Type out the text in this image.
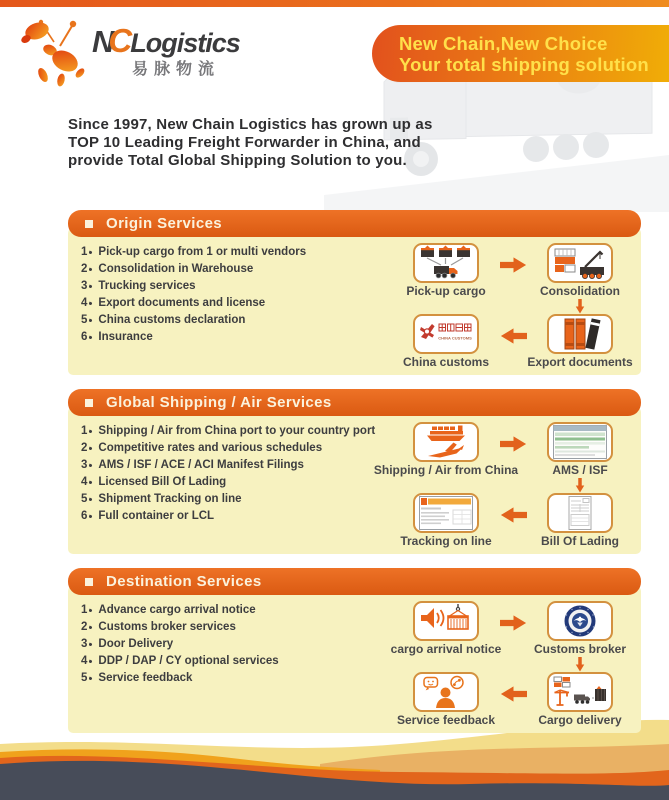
NCLogistics
易脉物流
New Chain,New Choice
Your total shipping solution
Since 1997, New Chain Logistics has grown up as
TOP 10 Leading Freight Forwarder in China, and
provide Total Global Shipping Solution to you.
Origin Services
1 Pick-up cargo from 1 or multi vendors
2 Consolidation in Warehouse
3 Trucking services
4 Export documents and license
5 China customs declaration
6 Insurance
Pick-up cargo	Consolidation
CHINA CUSTOMS
China customs	Export documents
Global Shipping / Air Services
1 Shipping / Air from China port to your country port
2 Competitive rates and various schedules
3 AMS / ISF / ACE / ACI Manifest Filings
4 Licensed Bill Of Lading
5 Shipment Tracking on line
6 Full container or LCL
Shipping / Air from China	AMS / ISF
Tracking on line	Bill Of Lading
Destination Services
1 Advance cargo arrival notice
2 Customs broker services
3 Door Delivery
4 DDP / DAP / CY optional services
5 Service feedback
cargo arrival notice	Customs broker
Service feedback	Cargo delivery
